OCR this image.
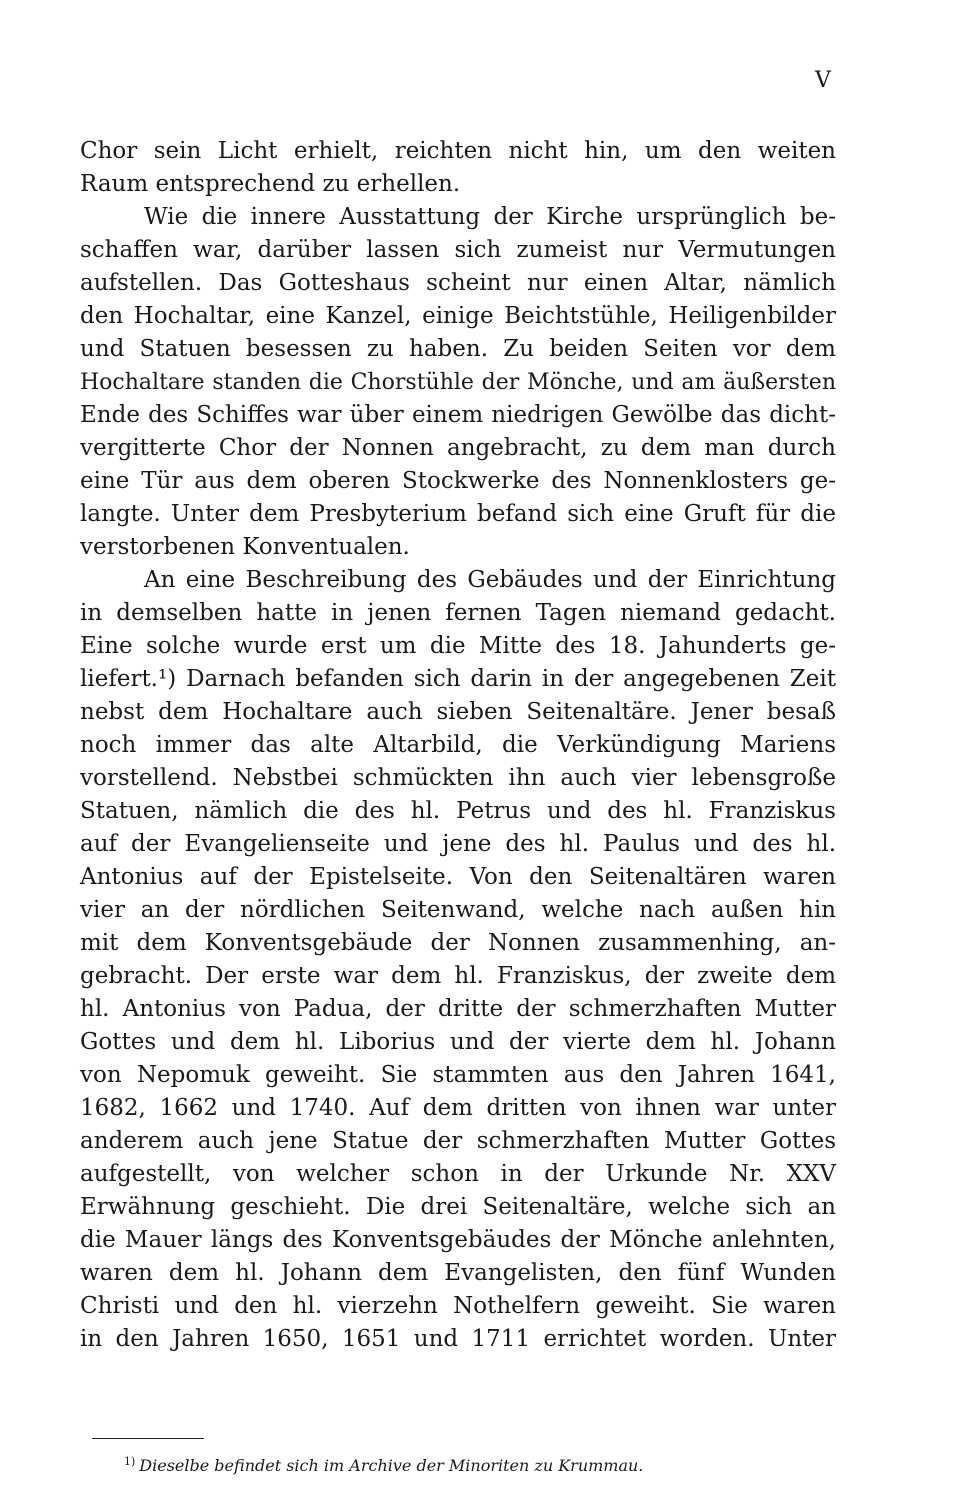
V
Chor sein Licht erhielt, reichten nicht hin, um den weiten
Raum entsprechend zu erhellen.
Wie die innere Ausstattung der Kirche ursprünglich be-
schaffen war, darüber lassen sich zumeist nur Vermutungen
aufstellen. Das Gotteshaus scheint nur einen Altar, nämlich
den Hochaltar, eine Kanzel, einige Beichtstühle, Heiligenbilder
und Statuen besessen zu haben. Zu beiden Seiten vor dem
Hochaltare standen die Chorstühle der Mönche, und am äußersten
Ende des Schiffes war über einem niedrigen Gewölbe das dicht-
vergitterte Chor der Nonnen angebracht, zu dem man durch
eine Tür aus dem oberen Stockwerke des Nonnenklosters ge-
langte. Unter dem Presbyterium befand sich eine Gruft für die
verstorbenen Konventualen.
An eine Beschreibung des Gebäudes und der Einrichtung
in demselben hatte in jenen fernen Tagen niemand gedacht.
Eine solche wurde erst um die Mitte des 18. Jahunderts ge-
liefert.¹) Darnach befanden sich darin in der angegebenen Zeit
nebst dem Hochaltare auch sieben Seitenaltäre. Jener besaß
noch immer das alte Altarbild, die Verkündigung Mariens
vorstellend. Nebstbei schmückten ihn auch vier lebensgroße
Statuen, nämlich die des hl. Petrus und des hl. Franziskus
auf der Evangelienseite und jene des hl. Paulus und des hl.
Antonius auf der Epistelseite. Von den Seitenaltären waren
vier an der nördlichen Seitenwand, welche nach außen hin
mit dem Konventsgebäude der Nonnen zusammenhing, an-
gebracht. Der erste war dem hl. Franziskus, der zweite dem
hl. Antonius von Padua, der dritte der schmerzhaften Mutter
Gottes und dem hl. Liborius und der vierte dem hl. Johann
von Nepomuk geweiht. Sie stammten aus den Jahren 1641,
1682, 1662 und 1740. Auf dem dritten von ihnen war unter
anderem auch jene Statue der schmerzhaften Mutter Gottes
aufgestellt, von welcher schon in der Urkunde Nr. XXV
Erwähnung geschieht. Die drei Seitenaltäre, welche sich an
die Mauer längs des Konventsgebäudes der Mönche anlehnten,
waren dem hl. Johann dem Evangelisten, den fünf Wunden
Christi und den hl. vierzehn Nothelfern geweiht. Sie waren
in den Jahren 1650, 1651 und 1711 errichtet worden. Unter
$^{1)}$ Dieselbe befindet sich im Archive der Minoriten zu Krummau.
